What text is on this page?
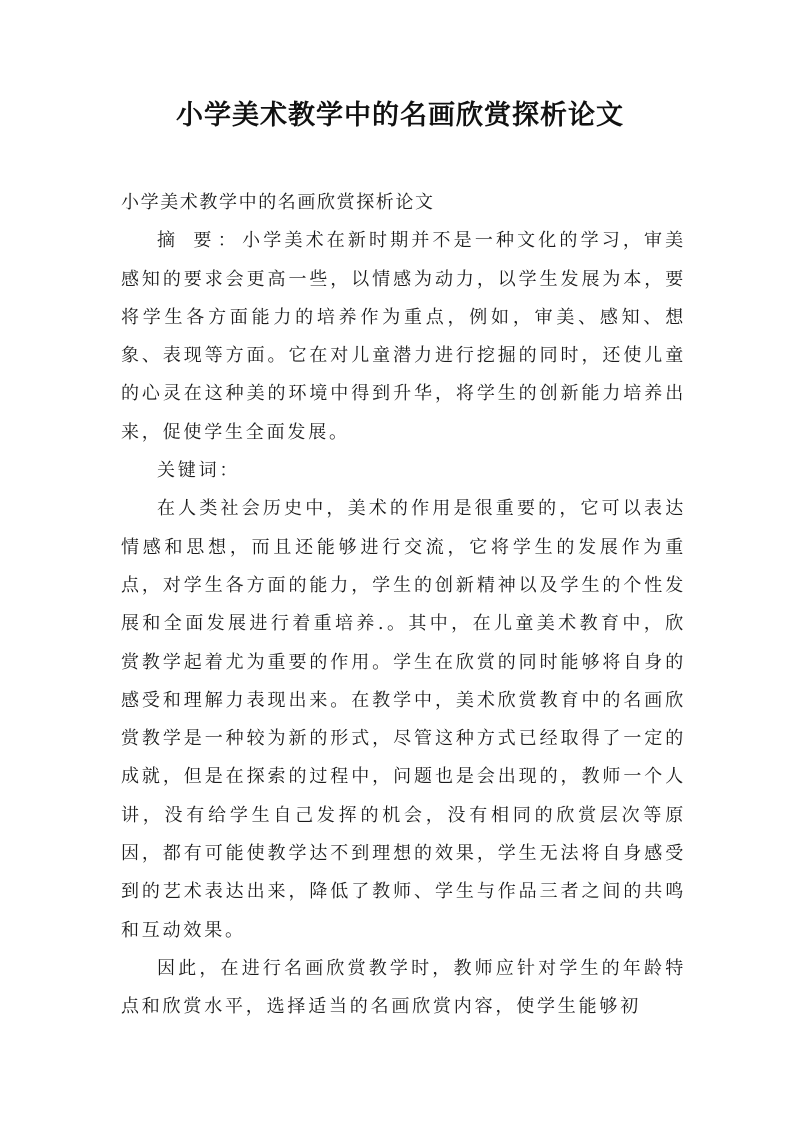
小学美术教学中的名画欣赏探析论文

小学美术教学中的名画欣赏探析论文

摘 要：小学美术在新时期并不是一种文化的学习，审美感知的要求会更高一些，以情感为动力，以学生发展为本，要将学生各方面能力的培养作为重点，例如，审美、感知、想象、表现等方面。它在对儿童潜力进行挖掘的同时，还使儿童的心灵在这种美的环境中得到升华，将学生的创新能力培养出来，促使学生全面发展。

关键词：

在人类社会历史中，美术的作用是很重要的，它可以表达情感和思想，而且还能够进行交流，它将学生的发展作为重点，对学生各方面的能力，学生的创新精神以及学生的个性发展和全面发展进行着重培养.。其中，在儿童美术教育中，欣赏教学起着尤为重要的作用。学生在欣赏的同时能够将自身的感受和理解力表现出来。在教学中，美术欣赏教育中的名画欣赏教学是一种较为新的形式，尽管这种方式已经取得了一定的成就，但是在探索的过程中，问题也是会出现的，教师一个人讲，没有给学生自己发挥的机会，没有相同的欣赏层次等原因，都有可能使教学达不到理想的效果，学生无法将自身感受到的艺术表达出来，降低了教师、学生与作品三者之间的共鸣和互动效果。

因此，在进行名画欣赏教学时，教师应针对学生的年龄特点和欣赏水平，选择适当的名画欣赏内容，使学生能够初
